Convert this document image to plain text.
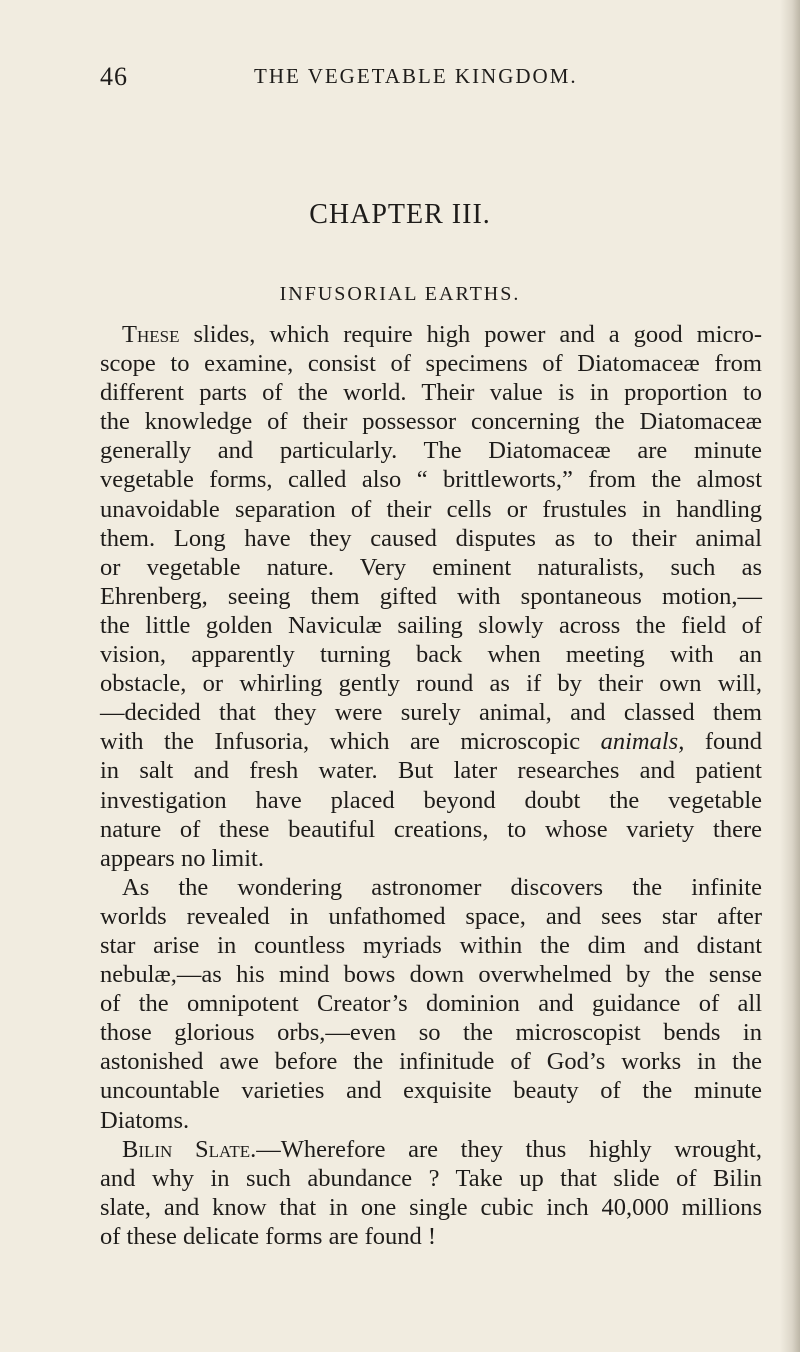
46	THE VEGETABLE KINGDOM.
CHAPTER III.
INFUSORIAL EARTHS.
These slides, which require high power and a good micro-
scope to examine, consist of specimens of Diatomaceæ from
different parts of the world. Their value is in proportion to
the knowledge of their possessor concerning the Diatomaceæ
generally and particularly. The Diatomaceæ are minute
vegetable forms, called also “ brittleworts,” from the almost
unavoidable separation of their cells or frustules in handling
them. Long have they caused disputes as to their animal
or vegetable nature. Very eminent naturalists, such as
Ehrenberg, seeing them gifted with spontaneous motion,—
the little golden Naviculæ sailing slowly across the field of
vision, apparently turning back when meeting with an
obstacle, or whirling gently round as if by their own will,
—decided that they were surely animal, and classed them
with the Infusoria, which are microscopic animals, found
in salt and fresh water. But later researches and patient
investigation have placed beyond doubt the vegetable
nature of these beautiful creations, to whose variety there
appears no limit.
As the wondering astronomer discovers the infinite
worlds revealed in unfathomed space, and sees star after
star arise in countless myriads within the dim and distant
nebulæ,—as his mind bows down overwhelmed by the sense
of the omnipotent Creator’s dominion and guidance of all
those glorious orbs,—even so the microscopist bends in
astonished awe before the infinitude of God’s works in the
uncountable varieties and exquisite beauty of the minute
Diatoms.
Bilin Slate.—Wherefore are they thus highly wrought,
and why in such abundance ? Take up that slide of Bilin
slate, and know that in one single cubic inch 40,000 millions
of these delicate forms are found !
